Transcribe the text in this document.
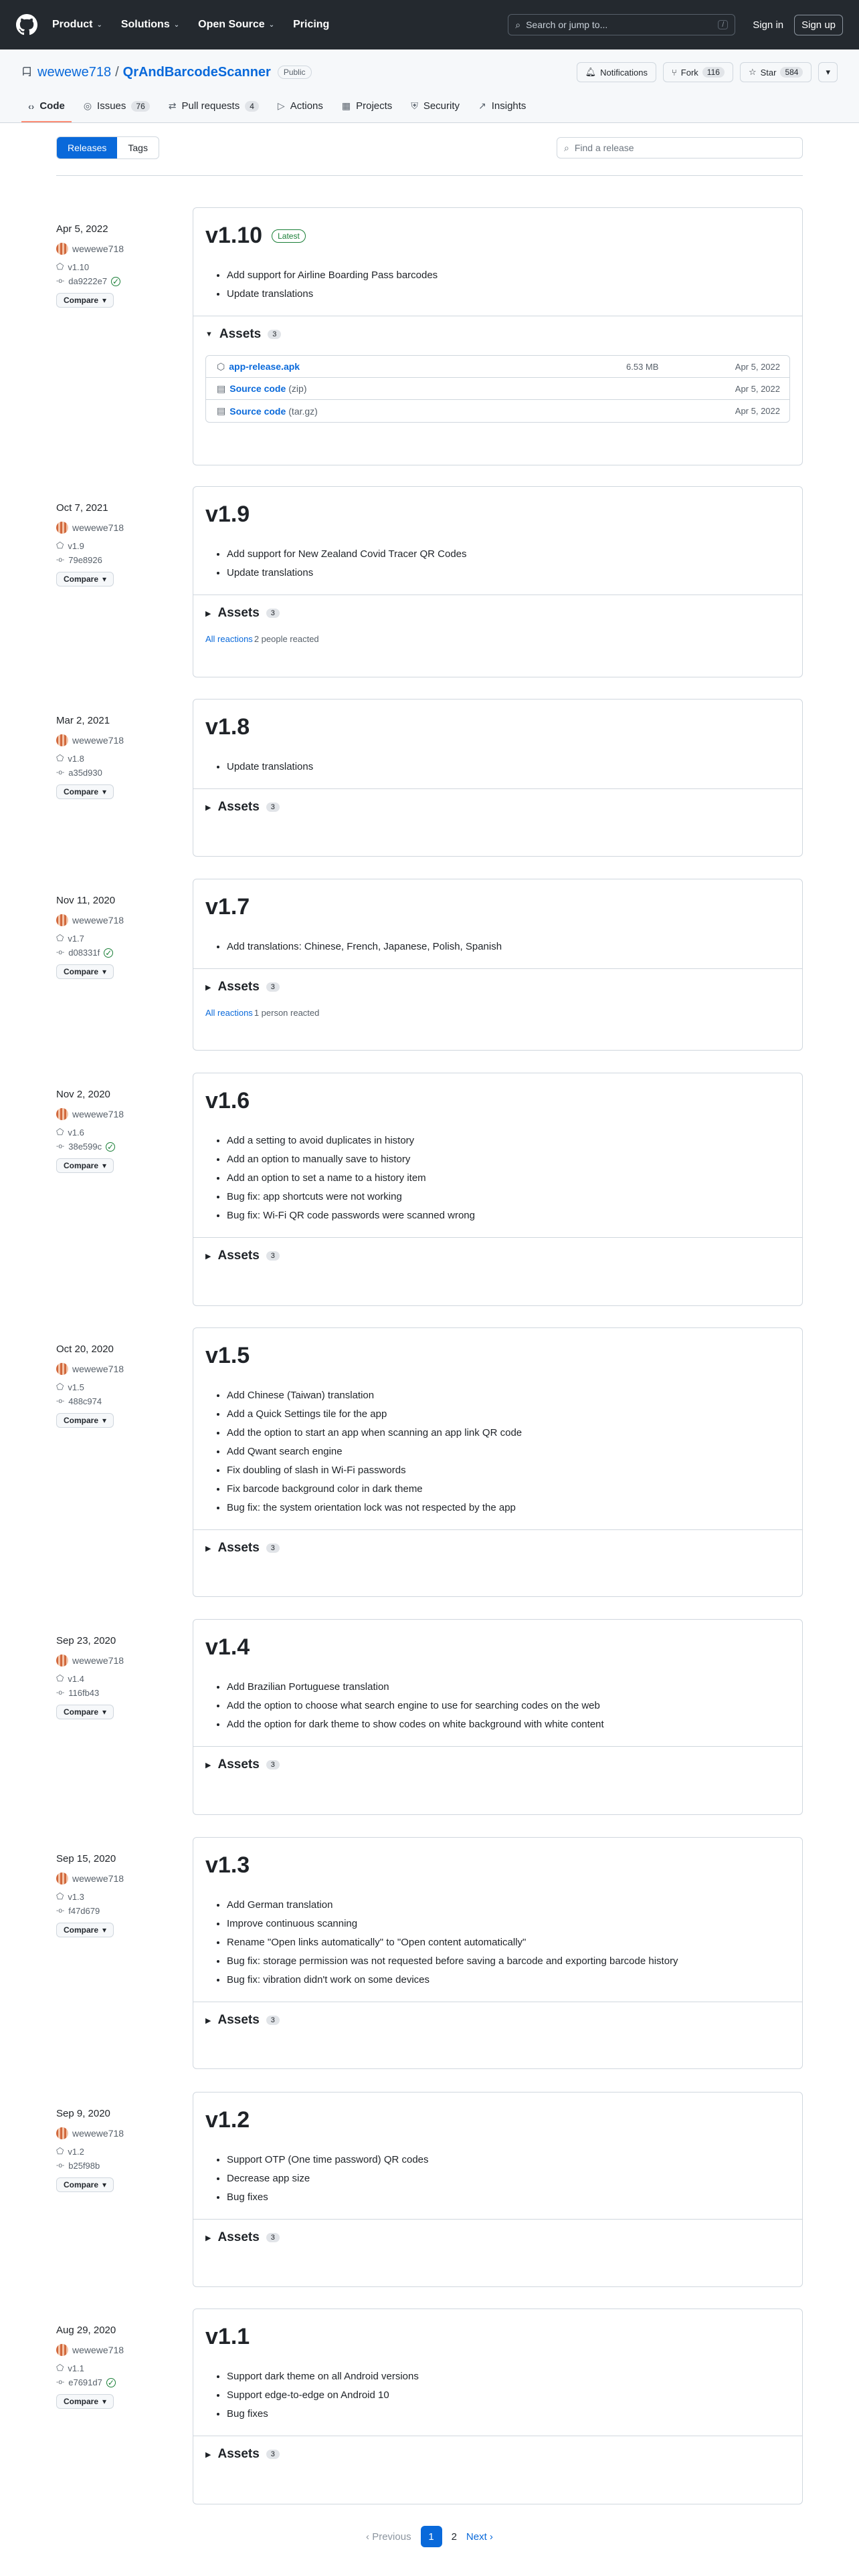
Product ⌄ Solutions ⌄ Open Source ⌄ Pricing	⌕ Search or jump to...	/	Sign in	Sign up
wewewe718 / QrAndBarcodeScanner	Public	🔔︎ Notifications	⑂ Fork	116	☆ Star	584	▾
‹› Code ◎ Issues	76	⇄ Pull requests	4	▷ Actions ▦ Projects ⛨ Security ↗ Insights
Releases	Tags	⌕ Find a release
Apr 5, 2022
wewewe718
⬠ v1.10
-o- da9222e7 ✓
Compare ▾
v1.10	Latest
• Add support for Airline Boarding Pass barcodes
• Update translations
▼ Assets	3
⬡ app-release.apk	6.53 MB	Apr 5, 2022
▤ Source code (zip)	Apr 5, 2022
▤ Source code (tar.gz)	Apr 5, 2022
Oct 7, 2021
wewewe718
⬠ v1.9
-o- 79e8926
Compare ▾
v1.9
• Add support for New Zealand Covid Tracer QR Codes
• Update translations
▶ Assets	3
All reactions 2 people reacted
Mar 2, 2021
wewewe718
⬠ v1.8
-o- a35d930
Compare ▾
v1.8
• Update translations
▶ Assets	3
Nov 11, 2020
wewewe718
⬠ v1.7
-o- d08331f ✓
Compare ▾
v1.7
• Add translations: Chinese, French, Japanese, Polish, Spanish
▶ Assets	3
All reactions 1 person reacted
Nov 2, 2020
wewewe718
⬠ v1.6
-o- 38e599c ✓
Compare ▾
v1.6
• Add a setting to avoid duplicates in history
• Add an option to manually save to history
• Add an option to set a name to a history item
• Bug fix: app shortcuts were not working
• Bug fix: Wi-Fi QR code passwords were scanned wrong
▶ Assets	3
Oct 20, 2020
wewewe718
⬠ v1.5
-o- 488c974
Compare ▾
v1.5
• Add Chinese (Taiwan) translation
• Add a Quick Settings tile for the app
• Add the option to start an app when scanning an app link QR code
• Add Qwant search engine
• Fix doubling of slash in Wi-Fi passwords
• Fix barcode background color in dark theme
• Bug fix: the system orientation lock was not respected by the app
▶ Assets	3
Sep 23, 2020
wewewe718
⬠ v1.4
-o- 116fb43
Compare ▾
v1.4
• Add Brazilian Portuguese translation
• Add the option to choose what search engine to use for searching codes on the web
• Add the option for dark theme to show codes on white background with white content
▶ Assets	3
Sep 15, 2020
wewewe718
⬠ v1.3
-o- f47d679
Compare ▾
v1.3
• Add German translation
• Improve continuous scanning
• Rename "Open links automatically" to "Open content automatically"
• Bug fix: storage permission was not requested before saving a barcode and exporting barcode history
• Bug fix: vibration didn't work on some devices
▶ Assets	3
Sep 9, 2020
wewewe718
⬠ v1.2
-o- b25f98b
Compare ▾
v1.2
• Support OTP (One time password) QR codes
• Decrease app size
• Bug fixes
▶ Assets	3
Aug 29, 2020
wewewe718
⬠ v1.1
-o- e7691d7 ✓
Compare ▾
v1.1
• Support dark theme on all Android versions
• Support edge-to-edge on Android 10
• Bug fixes
▶ Assets	3
‹ Previous	1	2 Next ›
